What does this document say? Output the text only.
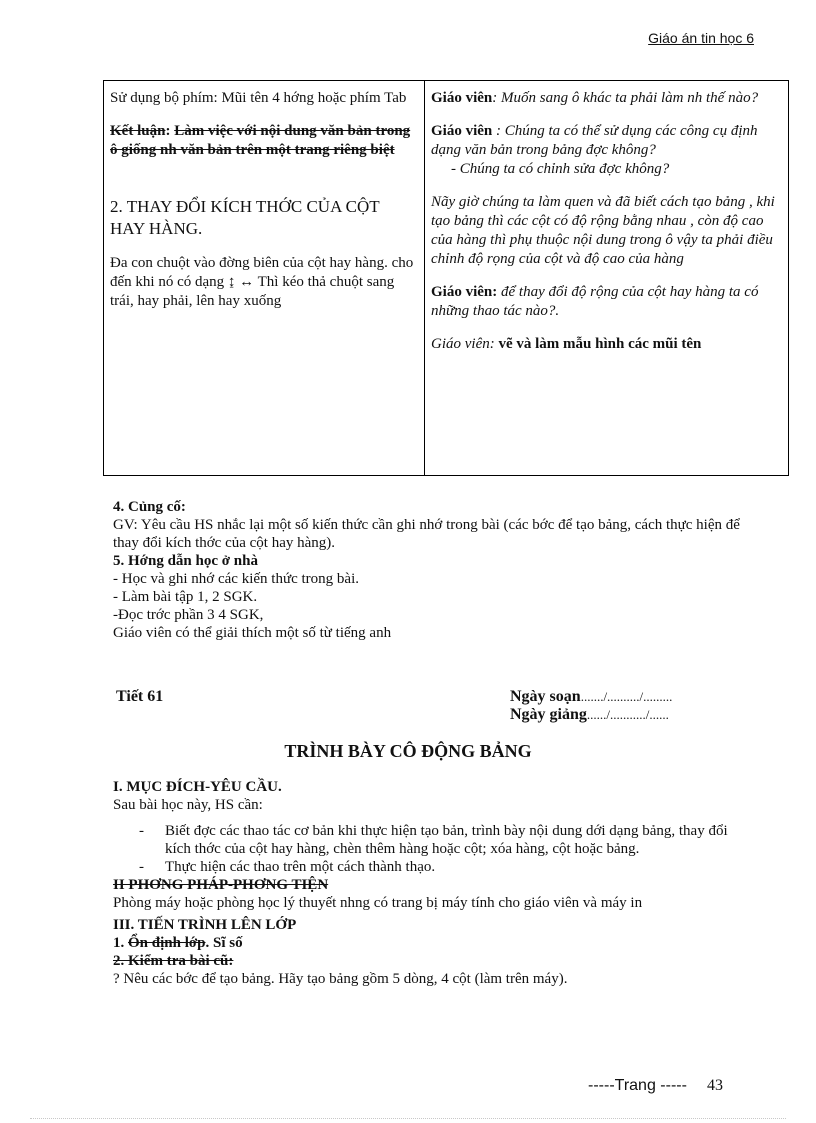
Giáo án tin học 6

Sử dụng bộ phím: Mũi tên 4 hớng hoặc phím Tab

Kết luận: Làm việc với nội dung văn bản trong ô giống nh văn bản trên một trang riêng biệt

2. THAY ĐỔI KÍCH THỚC CỦA CỘT HAY HÀNG.

Đa con chuột vào đờng biên của cột hay hàng. cho đến khi nó có dạng ↨ ↔ Thì kéo thả chuột sang trái, hay phải, lên hay xuống

Giáo viên: Muốn sang ô khác ta phải làm nh thế nào?

Giáo viên : Chúng ta có thể sử dụng các công cụ định dạng văn bản trong bảng đợc không?

- Chúng ta có chỉnh sửa đợc không?

Nãy giờ chúng ta làm quen và đã biết cách tạo bảng , khi tạo bảng thì các cột có độ rộng bằng nhau , còn độ cao của hàng thì phụ thuộc nội dung trong ô vậy ta phải điều chỉnh độ rọng của cột và độ cao của hàng

Giáo viên: để thay đổi độ rộng của cột hay hàng ta có những thao tác nào?.

Giáo viên: vẽ và làm mẫu hình các mũi tên

4. Củng cố:
GV: Yêu cầu HS nhắc lại một số kiến thức cần ghi nhớ trong bài (các bớc để tạo bảng, cách thực hiện để thay đổi kích thớc của cột hay hàng).
5. Hớng dẫn học ở nhà
- Học và ghi nhớ các kiến thức trong bài.
- Làm bài tập 1, 2 SGK.
-Đọc trớc phần 3 4 SGK,
Giáo viên có thể giải thích một số từ tiếng anh
Tiết 61	Ngày soạn......./........../.........
Ngày giảng....../.........../......
TRÌNH BÀY CÔ ĐỘNG BẢNG
I. MỤC ĐÍCH-YÊU CẦU.
Sau bài học này, HS cần:
- Biết đợc các thao tác cơ bản khi thực hiện tạo bản, trình bày nội dung dới dạng bảng, thay đổi kích thớc của cột hay hàng, chèn thêm hàng hoặc cột; xóa hàng, cột hoặc bảng.
- Thực hiện các thao trên một cách thành thạo.
II PHƠNG PHÁP-PHƠNG TIỆN
Phòng máy hoặc phòng học lý thuyết nhng có trang bị máy tính cho giáo viên và máy in
III. TIẾN TRÌNH LÊN LỚP
1. Ổn định lớp. Sĩ số
2. Kiểm tra bài cũ:
? Nêu các bớc để tạo bảng. Hãy tạo bảng gồm 5 dòng, 4 cột (làm trên máy).
-----Trang ----- 43
